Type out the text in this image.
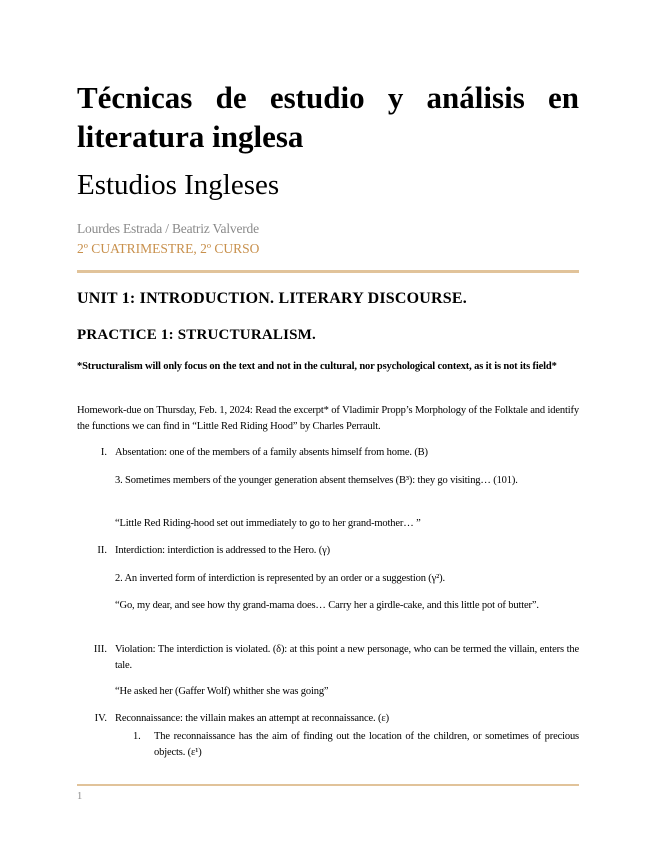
Técnicas de estudio y análisis en literatura inglesa
Estudios Ingleses
Lourdes Estrada / Beatriz Valverde
2º CUATRIMESTRE, 2º CURSO
UNIT 1: INTRODUCTION. LITERARY DISCOURSE.
PRACTICE 1: STRUCTURALISM.
*Structuralism will only focus on the text and not in the cultural, nor psychological context, as it is not its field*
Homework-due on Thursday, Feb. 1, 2024: Read the excerpt* of Vladimir Propp’s Morphology of the Folktale and identify the functions we can find in “Little Red Riding Hood” by Charles Perrault.
I. Absentation: one of the members of a family absents himself from home. (B)
3. Sometimes members of the younger generation absent themselves (B³): they go visiting… (101).
“Little Red Riding-hood set out immediately to go to her grand-mother… ”
II. Interdiction: interdiction is addressed to the Hero. (γ)
2. An inverted form of interdiction is represented by an order or a suggestion (γ²).
“Go, my dear, and see how thy grand-mama does… Carry her a girdle-cake, and this little pot of butter”.
III. Violation: The interdiction is violated. (δ): at this point a new personage, who can be termed the villain, enters the tale.
“He asked her (Gaffer Wolf) whither she was going”
IV. Reconnaissance: the villain makes an attempt at reconnaissance. (ε)
1.	The reconnaissance has the aim of finding out the location of the children, or sometimes of precious objects. (ε¹)
1
